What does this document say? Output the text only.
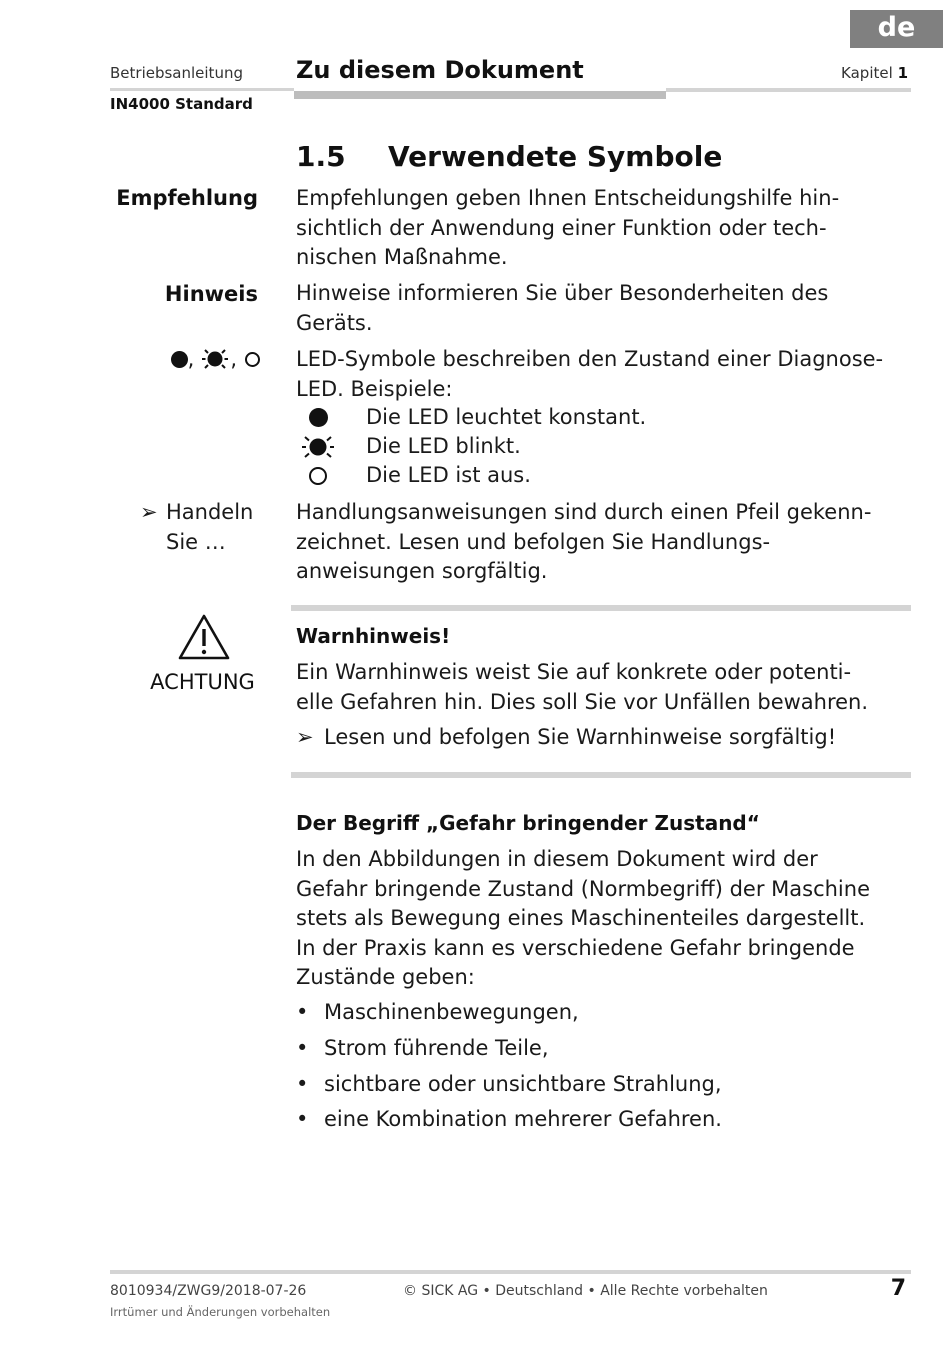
de
Betriebsanleitung Zu diesem Dokument	Kapitel 1
IN4000 Standard
1.5 Verwendete Symbole
Empfehlung Empfehlungen geben Ihnen Entscheidungshilfe hin-
sichtlich der Anwendung einer Funktion oder tech-
nischen Maßnahme.
Hinweis Hinweise informieren Sie über Besonderheiten des
Geräts.
, ,	LED-Symbole beschreiben den Zustand einer Diagnose-
LED. Beispiele:
Die LED leuchtet konstant.
Die LED blinkt.
Die LED ist aus.
➢ Handeln
Sie …
Handlungsanweisungen sind durch einen Pfeil gekenn-
zeichnet. Lesen und befolgen Sie Handlungs-
anweisungen sorgfältig.
ACHTUNG
Warnhinweis!
Ein Warnhinweis weist Sie auf konkrete oder potenti-
elle Gefahren hin. Dies soll Sie vor Unfällen bewahren.
➢ Lesen und befolgen Sie Warnhinweise sorgfältig!
Der Begriff „Gefahr bringender Zustand“
In den Abbildungen in diesem Dokument wird der
Gefahr bringende Zustand (Normbegriff) der Maschine
stets als Bewegung eines Maschinenteiles dargestellt.
In der Praxis kann es verschiedene Gefahr bringende
Zustände geben:
• Maschinenbewegungen,
• Strom führende Teile,
• sichtbare oder unsichtbare Strahlung,
• eine Kombination mehrerer Gefahren.
8010934/ZWG9/2018-07-26
Irrtümer und Änderungen vorbehalten
© SICK AG • Deutschland • Alle Rechte vorbehalten	7
